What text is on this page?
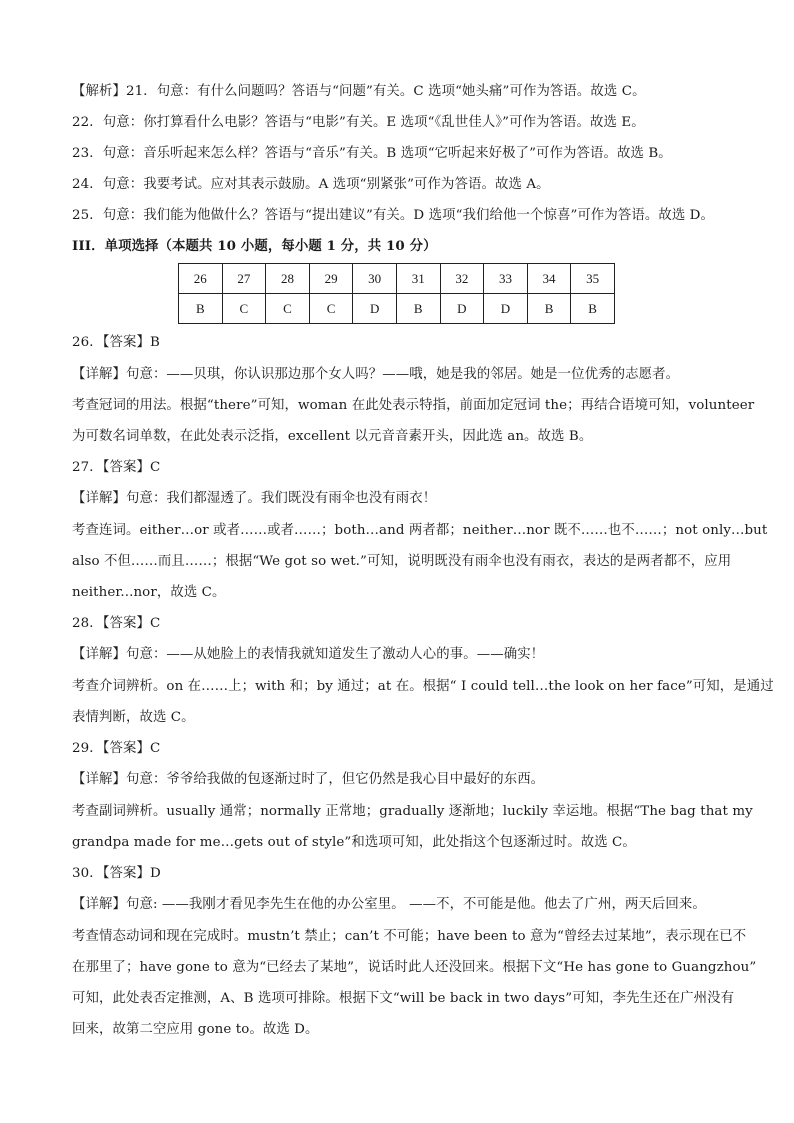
【解析】21．句意：有什么问题吗？答语与“问题”有关。C 选项“她头痛”可作为答语。故选 C。
22．句意：你打算看什么电影？答语与“电影”有关。E 选项“《乱世佳人》”可作为答语。故选 E。
23．句意：音乐听起来怎么样？答语与“音乐”有关。B 选项“它听起来好极了”可作为答语。故选 B。
24．句意：我要考试。应对其表示鼓励。A 选项“别紧张”可作为答语。故选 A。
25．句意：我们能为他做什么？答语与“提出建议”有关。D 选项“我们给他一个惊喜”可作为答语。故选 D。
III．单项选择（本题共 10 小题，每小题 1 分，共 10 分）
26	27	28	29	30	31	32	33	34	35
B	C	C	C	D	B	D	D	B	B
26．【答案】B
【详解】句意：——贝琪，你认识那边那个女人吗？——哦，她是我的邻居。她是一位优秀的志愿者。
考查冠词的用法。根据“there”可知，woman 在此处表示特指，前面加定冠词 the；再结合语境可知，volunteer
为可数名词单数，在此处表示泛指，excellent 以元音音素开头，因此选 an。故选 B。
27．【答案】C
【详解】句意：我们都湿透了。我们既没有雨伞也没有雨衣！
考查连词。either…or 或者……或者……；both…and 两者都；neither…nor 既不……也不……；not only…but
also 不但……而且……；根据“We got so wet.”可知，说明既没有雨伞也没有雨衣，表达的是两者都不，应用
neither...nor，故选 C。
28．【答案】C
【详解】句意：——从她脸上的表情我就知道发生了激动人心的事。——确实！
考查介词辨析。on 在……上；with 和；by 通过；at 在。根据“ I could tell…the look on her face”可知，是通过
表情判断，故选 C。
29．【答案】C
【详解】句意：爷爷给我做的包逐渐过时了，但它仍然是我心目中最好的东西。
考查副词辨析。usually 通常；normally 正常地；gradually 逐渐地；luckily 幸运地。根据“The bag that my
grandpa made for me…gets out of style”和选项可知，此处指这个包逐渐过时。故选 C。
30．【答案】D
【详解】句意: ——我刚才看见李先生在他的办公室里。 ——不，不可能是他。他去了广州，两天后回来。
考查情态动词和现在完成时。mustn’t 禁止；can’t 不可能；have been to 意为“曾经去过某地”，表示现在已不
在那里了；have gone to 意为“已经去了某地”，说话时此人还没回来。根据下文“He has gone to Guangzhou”
可知，此处表否定推测，A、B 选项可排除。根据下文“will be back in two days”可知，李先生还在广州没有
回来，故第二空应用 gone to。故选 D。
